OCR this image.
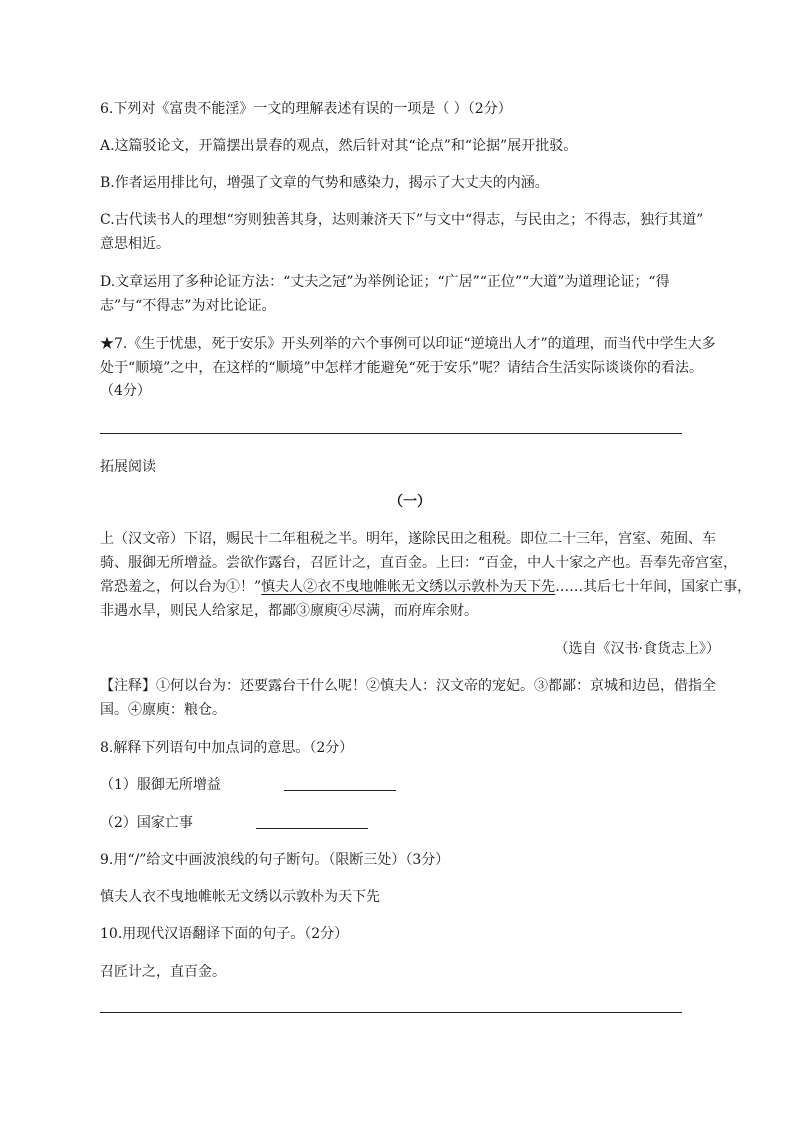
6.下列对《富贵不能淫》一文的理解表述有误的一项是（ ）（2分）
A.这篇驳论文，开篇摆出景春的观点，然后针对其“论点”和“论据”展开批驳。
B.作者运用排比句，增强了文章的气势和感染力，揭示了大丈夫的内涵。
C.古代读书人的理想“穷则独善其身，达则兼济天下”与文中“得志，与民由之；不得志，独行其道”
意思相近。
D.文章运用了多种论证方法：“丈夫之冠”为举例论证；“广居”“正位”“大道”为道理论证；“得
志”与“不得志”为对比论证。
★7.《生于忧患，死于安乐》开头列举的六个事例可以印证“逆境出人才”的道理，而当代中学生大多
处于“顺境”之中，在这样的“顺境”中怎样才能避免“死于安乐”呢？请结合生活实际谈谈你的看法。
（4分）
拓展阅读
（一）
上（汉文帝）下诏，赐民十二年租税之半。明年，遂除民田之租税。即位二十三年，宫室、苑囿、车
骑、服御无所增益。尝欲作露台，召匠计之，直百金。上曰：“百金，中人十家之产也。吾奉先帝宫室，
常恐羞之，何以台为①！”慎夫人②衣不曳地帷帐无文绣以示敦朴为天下先……其后七十年间，国家亡事，
非遇水旱，则民人给家足，都鄙③廪庾④尽满，而府库余财。
（选自《汉书·食货志上》）
【注释】①何以台为：还要露台干什么呢！②慎夫人：汉文帝的宠妃。③都鄙：京城和边邑，借指全
国。④廪庾：粮仓。
8.解释下列语句中加点词的意思。（2分）
（1）服御无所增益
（2）国家亡事
9.用“/”给文中画波浪线的句子断句。（限断三处）（3分）
慎夫人衣不曳地帷帐无文绣以示敦朴为天下先
10.用现代汉语翻译下面的句子。（2分）
召匠计之，直百金。
